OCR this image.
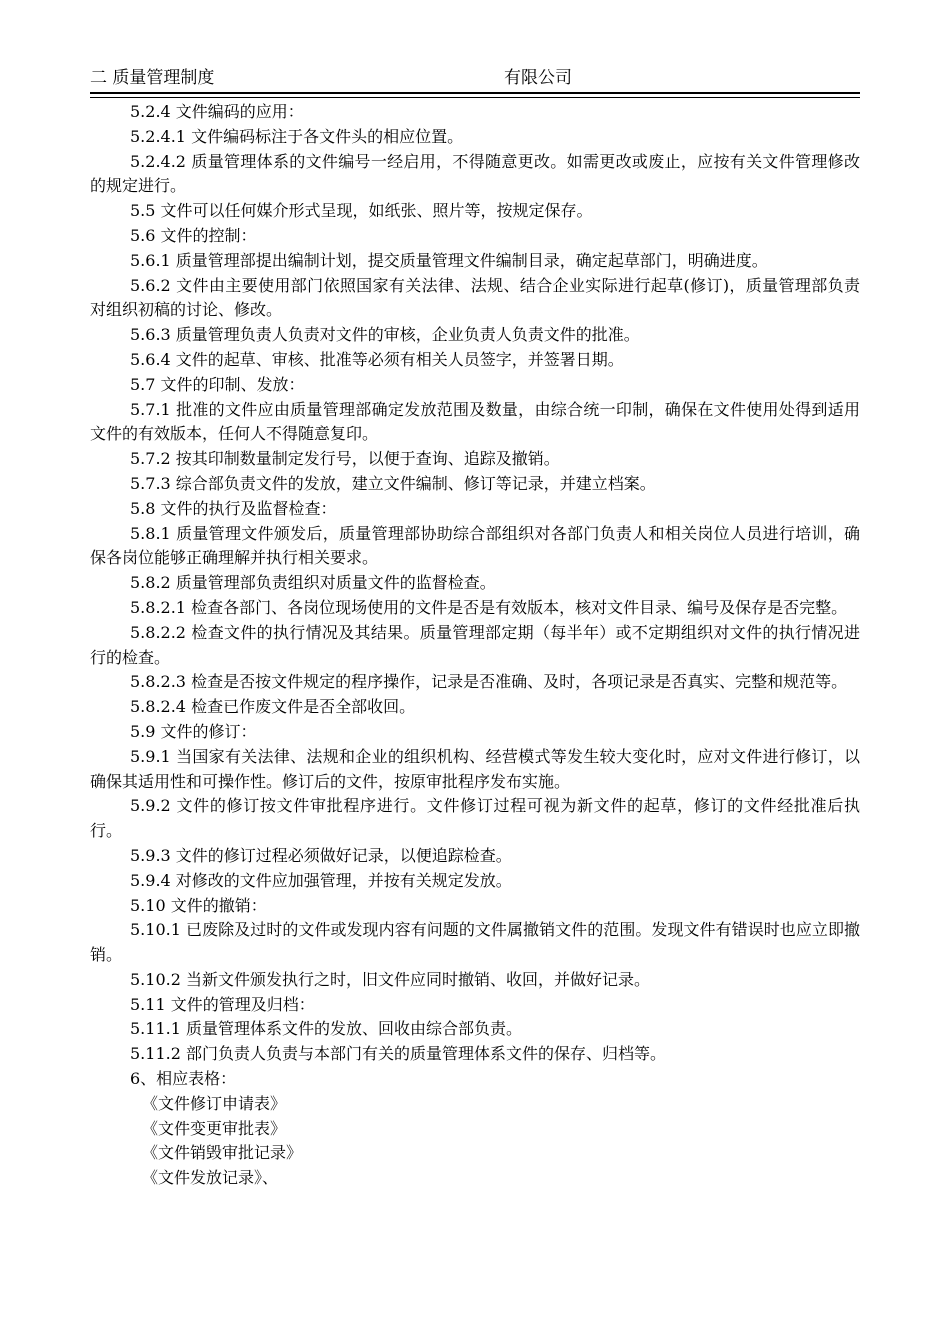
二 质量管理制度	有限公司

5.2.4 文件编码的应用：

5.2.4.1 文件编码标注于各文件头的相应位置。

5.2.4.2 质量管理体系的文件编号一经启用，不得随意更改。如需更改或废止，应按有关文件管理修改的规定进行。

5.5 文件可以任何媒介形式呈现，如纸张、照片等，按规定保存。

5.6 文件的控制：

5.6.1 质量管理部提出编制计划，提交质量管理文件编制目录，确定起草部门，明确进度。

5.6.2 文件由主要使用部门依照国家有关法律、法规、结合企业实际进行起草(修订)，质量管理部负责对组织初稿的讨论、修改。

5.6.3 质量管理负责人负责对文件的审核，企业负责人负责文件的批准。

5.6.4 文件的起草、审核、批准等必须有相关人员签字，并签署日期。

5.7 文件的印制、发放：

5.7.1 批准的文件应由质量管理部确定发放范围及数量，由综合统一印制，确保在文件使用处得到适用文件的有效版本，任何人不得随意复印。

5.7.2 按其印制数量制定发行号，以便于查询、追踪及撤销。

5.7.3 综合部负责文件的发放，建立文件编制、修订等记录，并建立档案。

5.8 文件的执行及监督检查：

5.8.1 质量管理文件颁发后，质量管理部协助综合部组织对各部门负责人和相关岗位人员进行培训，确保各岗位能够正确理解并执行相关要求。

5.8.2 质量管理部负责组织对质量文件的监督检查。

5.8.2.1 检查各部门、各岗位现场使用的文件是否是有效版本，核对文件目录、编号及保存是否完整。

5.8.2.2 检查文件的执行情况及其结果。质量管理部定期（每半年）或不定期组织对文件的执行情况进行的检查。

5.8.2.3 检查是否按文件规定的程序操作，记录是否准确、及时，各项记录是否真实、完整和规范等。

5.8.2.4 检查已作废文件是否全部收回。

5.9 文件的修订：

5.9.1 当国家有关法律、法规和企业的组织机构、经营模式等发生较大变化时，应对文件进行修订，以确保其适用性和可操作性。修订后的文件，按原审批程序发布实施。

5.9.2 文件的修订按文件审批程序进行。文件修订过程可视为新文件的起草，修订的文件经批准后执行。

5.9.3 文件的修订过程必须做好记录，以便追踪检查。

5.9.4 对修改的文件应加强管理，并按有关规定发放。

5.10 文件的撤销：

5.10.1 已废除及过时的文件或发现内容有问题的文件属撤销文件的范围。发现文件有错误时也应立即撤销。

5.10.2 当新文件颁发执行之时，旧文件应同时撤销、收回，并做好记录。

5.11 文件的管理及归档：

5.11.1 质量管理体系文件的发放、回收由综合部负责。

5.11.2 部门负责人负责与本部门有关的质量管理体系文件的保存、归档等。

6、相应表格：

《文件修订申请表》

《文件变更审批表》

《文件销毁审批记录》

《文件发放记录》、
